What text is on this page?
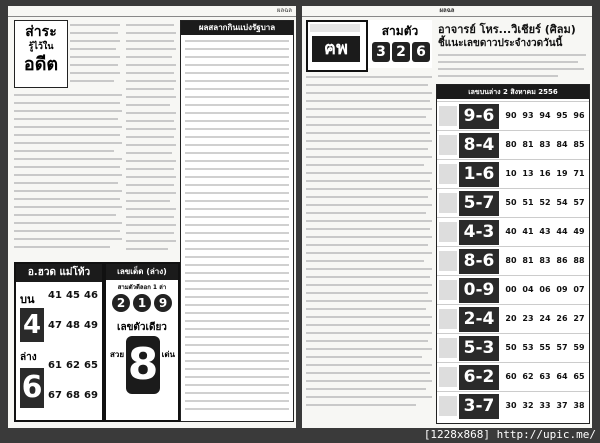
ผลฉล
ส่าระ
รู้ไว้ใน
อดีต
ผลสลากกินแบ่งรัฐบาล
อ.ฮวด แม่โท้ว
บน
4
41 45 46
47 48 49
ล่าง
6
61 62 65
67 68 69
เลขเด็ด (ล่าง)
สามตัวดีลอก 1 ล่า
2	1	9
เลขตัวเดียว
สวย 8 เด่น
ผลฉล
ฅพ
สามตัว
3 2 6
อาจารย์ โหร...วิเชียร์ (ศิลม)
ชี้แนะเลขดาวประจำงวดวันนี้
เลขบนล่าง 2 สิงหาคม 2556
9-6	90 93 94 95 96
8-4	80 81 83 84 85
1-6	10 13 16 19 71
5-7	50 51 52 54 57
4-3	40 41 43 44 49
8-6	80 81 83 86 88
0-9	00 04 06 09 07
2-4	20 23 24 26 27
5-3	50 53 55 57 59
6-2	60 62 63 64 65
3-7	30 32 33 37 38
[1228x868] http://upic.me/
